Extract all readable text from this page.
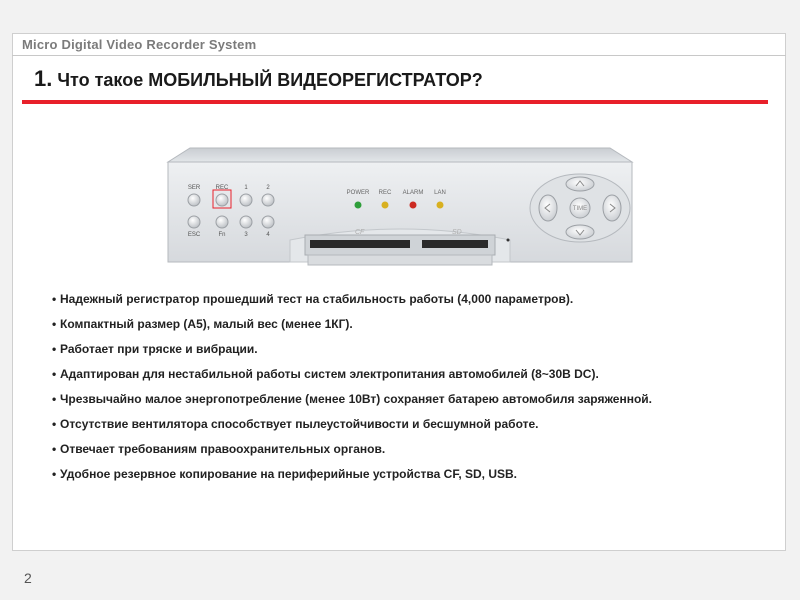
Micro Digital Video Recorder System
1. Что такое МОБИЛЬНЫЙ ВИДЕОРЕГИСТРАТОР?
CF	SD
SER	REC	1	2
ESC	Fn	3	4
POWER REC ALARM LAN
TIME
• Надежный регистратор прошедший тест на стабильность работы (4,000 параметров).
• Компактный размер (А5), малый вес (менее 1КГ).
• Работает при тряске и вибрации.
• Адаптирован для нестабильной работы систем электропитания автомобилей (8~30В DC).
• Чрезвычайно малое энергопотребление (менее 10Вт) сохраняет батарею автомобиля заряженной.
• Отсутствие вентилятора способствует пылеустойчивости и бесшумной работе.
• Отвечает требованиям правоохранительных органов.
• Удобное резервное копирование на периферийные устройства CF, SD, USB.
2
